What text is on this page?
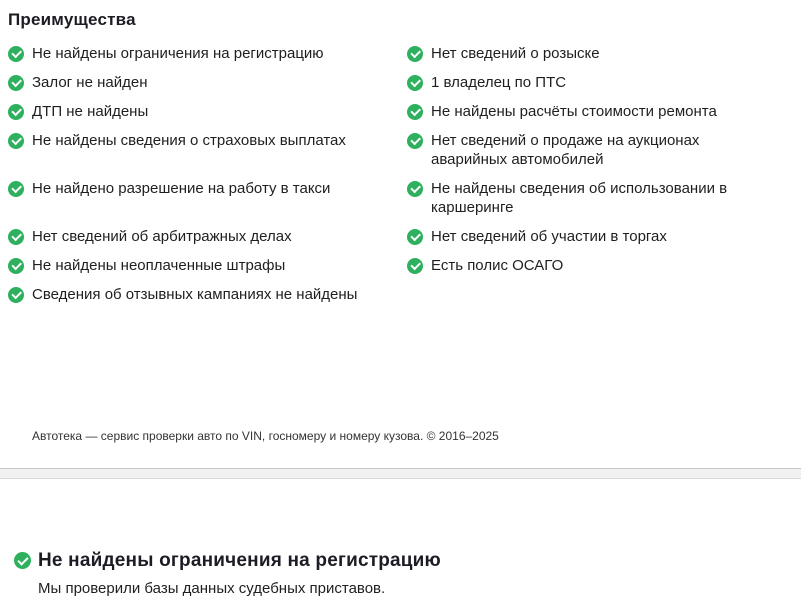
Преимущества
Не найдены ограничения на регистрацию	Нет сведений о розыске
Залог не найден	1 владелец по ПТС
ДТП не найдены	Не найдены расчёты стоимости ремонта
Не найдены сведения о страховых выплатах	Нет сведений о продаже на аукционах аварийных автомобилей
Не найдено разрешение на работу в такси	Не найдены сведения об использовании в каршеринге
Нет сведений об арбитражных делах	Нет сведений об участии в торгах
Не найдены неоплаченные штрафы	Есть полис ОСАГО
Сведения об отзывных кампаниях не найдены
Автотека — сервис проверки авто по VIN, госномеру и номеру кузова. © 2016–2025
Не найдены ограничения на регистрацию
Мы проверили базы данных судебных приставов.
